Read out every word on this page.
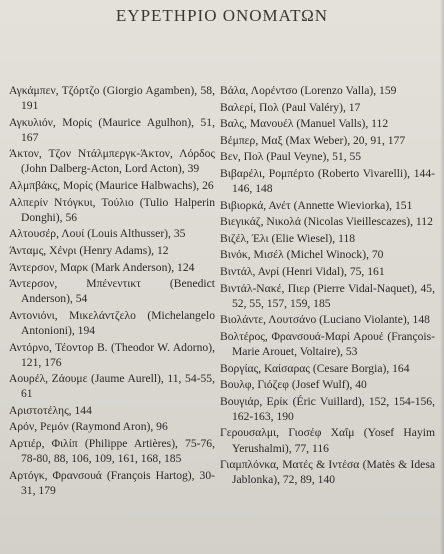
ΕΥΡΕΤΗΡΙΟ ΟΝΟΜΑΤΩΝ
Αγκάμπεν, Τζόρτζο (Giorgio Agamben), 58, 191
Αγκυλιόν, Μορίς (Maurice Agulhon), 51, 167
Άκτον, Τζον Ντάλμπεργκ-Άκτον, Λόρδος (John Dalberg-Acton, Lord Acton), 39
Αλμπβάκς, Μορίς (Maurice Halbwachs), 26
Αλπερίν Ντόγκυι, Τούλιο (Tulio Halperin Donghi), 56
Αλτουσέρ, Λουί (Louis Althusser), 35
Άνταμς, Χένρι (Henry Adams), 12
Άντερσον, Μαρκ (Mark Anderson), 124
Άντερσον, Μπένεντικτ (Benedict Anderson), 54
Αντονιόνι, Μικελάντζελο (Michelangelo Antonioni), 194
Αντόρνο, Τέοντορ Β. (Theodor W. Adorno), 121, 176
Αουρέλ, Ζάουμε (Jaume Aurell), 11, 54-55, 61
Αριστοτέλης, 144
Αρόν, Ρεμόν (Raymond Aron), 96
Αρτιέρ, Φιλίπ (Philippe Artières), 75-76, 78-80, 88, 106, 109, 161, 168, 185
Αρτόγκ, Φρανσουά (François Hartog), 30-31, 179
Βάλα, Λορέντσο (Lorenzo Valla), 159
Βαλερί, Πολ (Paul Valéry), 17
Βαλς, Μανουέλ (Manuel Valls), 112
Βέμπερ, Μαξ (Max Weber), 20, 91, 177
Βεν, Πολ (Paul Veyne), 51, 55
Βιβαρέλι, Ρομπέρτο (Roberto Vivarelli), 144-146, 148
Βιβιορκά, Ανέτ (Annette Wieviorka), 151
Βιεγικάζ, Νικολά (Nicolas Vieillescazes), 112
Βιζέλ, Έλι (Elie Wiesel), 118
Βινόκ, Μισέλ (Michel Winock), 70
Βιντάλ, Ανρί (Henri Vidal), 75, 161
Βιντάλ-Νακέ, Πιερ (Pierre Vidal-Naquet), 45, 52, 55, 157, 159, 185
Βιολάντε, Λουτσάνο (Luciano Violante), 148
Βολτέρος, Φρανσουά-Μαρί Αρουέ (François-Marie Arouet, Voltaire), 53
Βοργίας, Καίσαρας (Cesare Borgia), 164
Βουλφ, Γιόζεφ (Josef Wulf), 40
Βουγιάρ, Ερίκ (Éric Vuillard), 152, 154-156, 162-163, 190
Γερουσαλμι, Γιοσέφ Χαΐμ (Yosef Hayim Yerushalmi), 77, 116
Γιαμπλόνκα, Ματές & Ιντέσα (Matès & Idesa Jablonka), 72, 89, 140
